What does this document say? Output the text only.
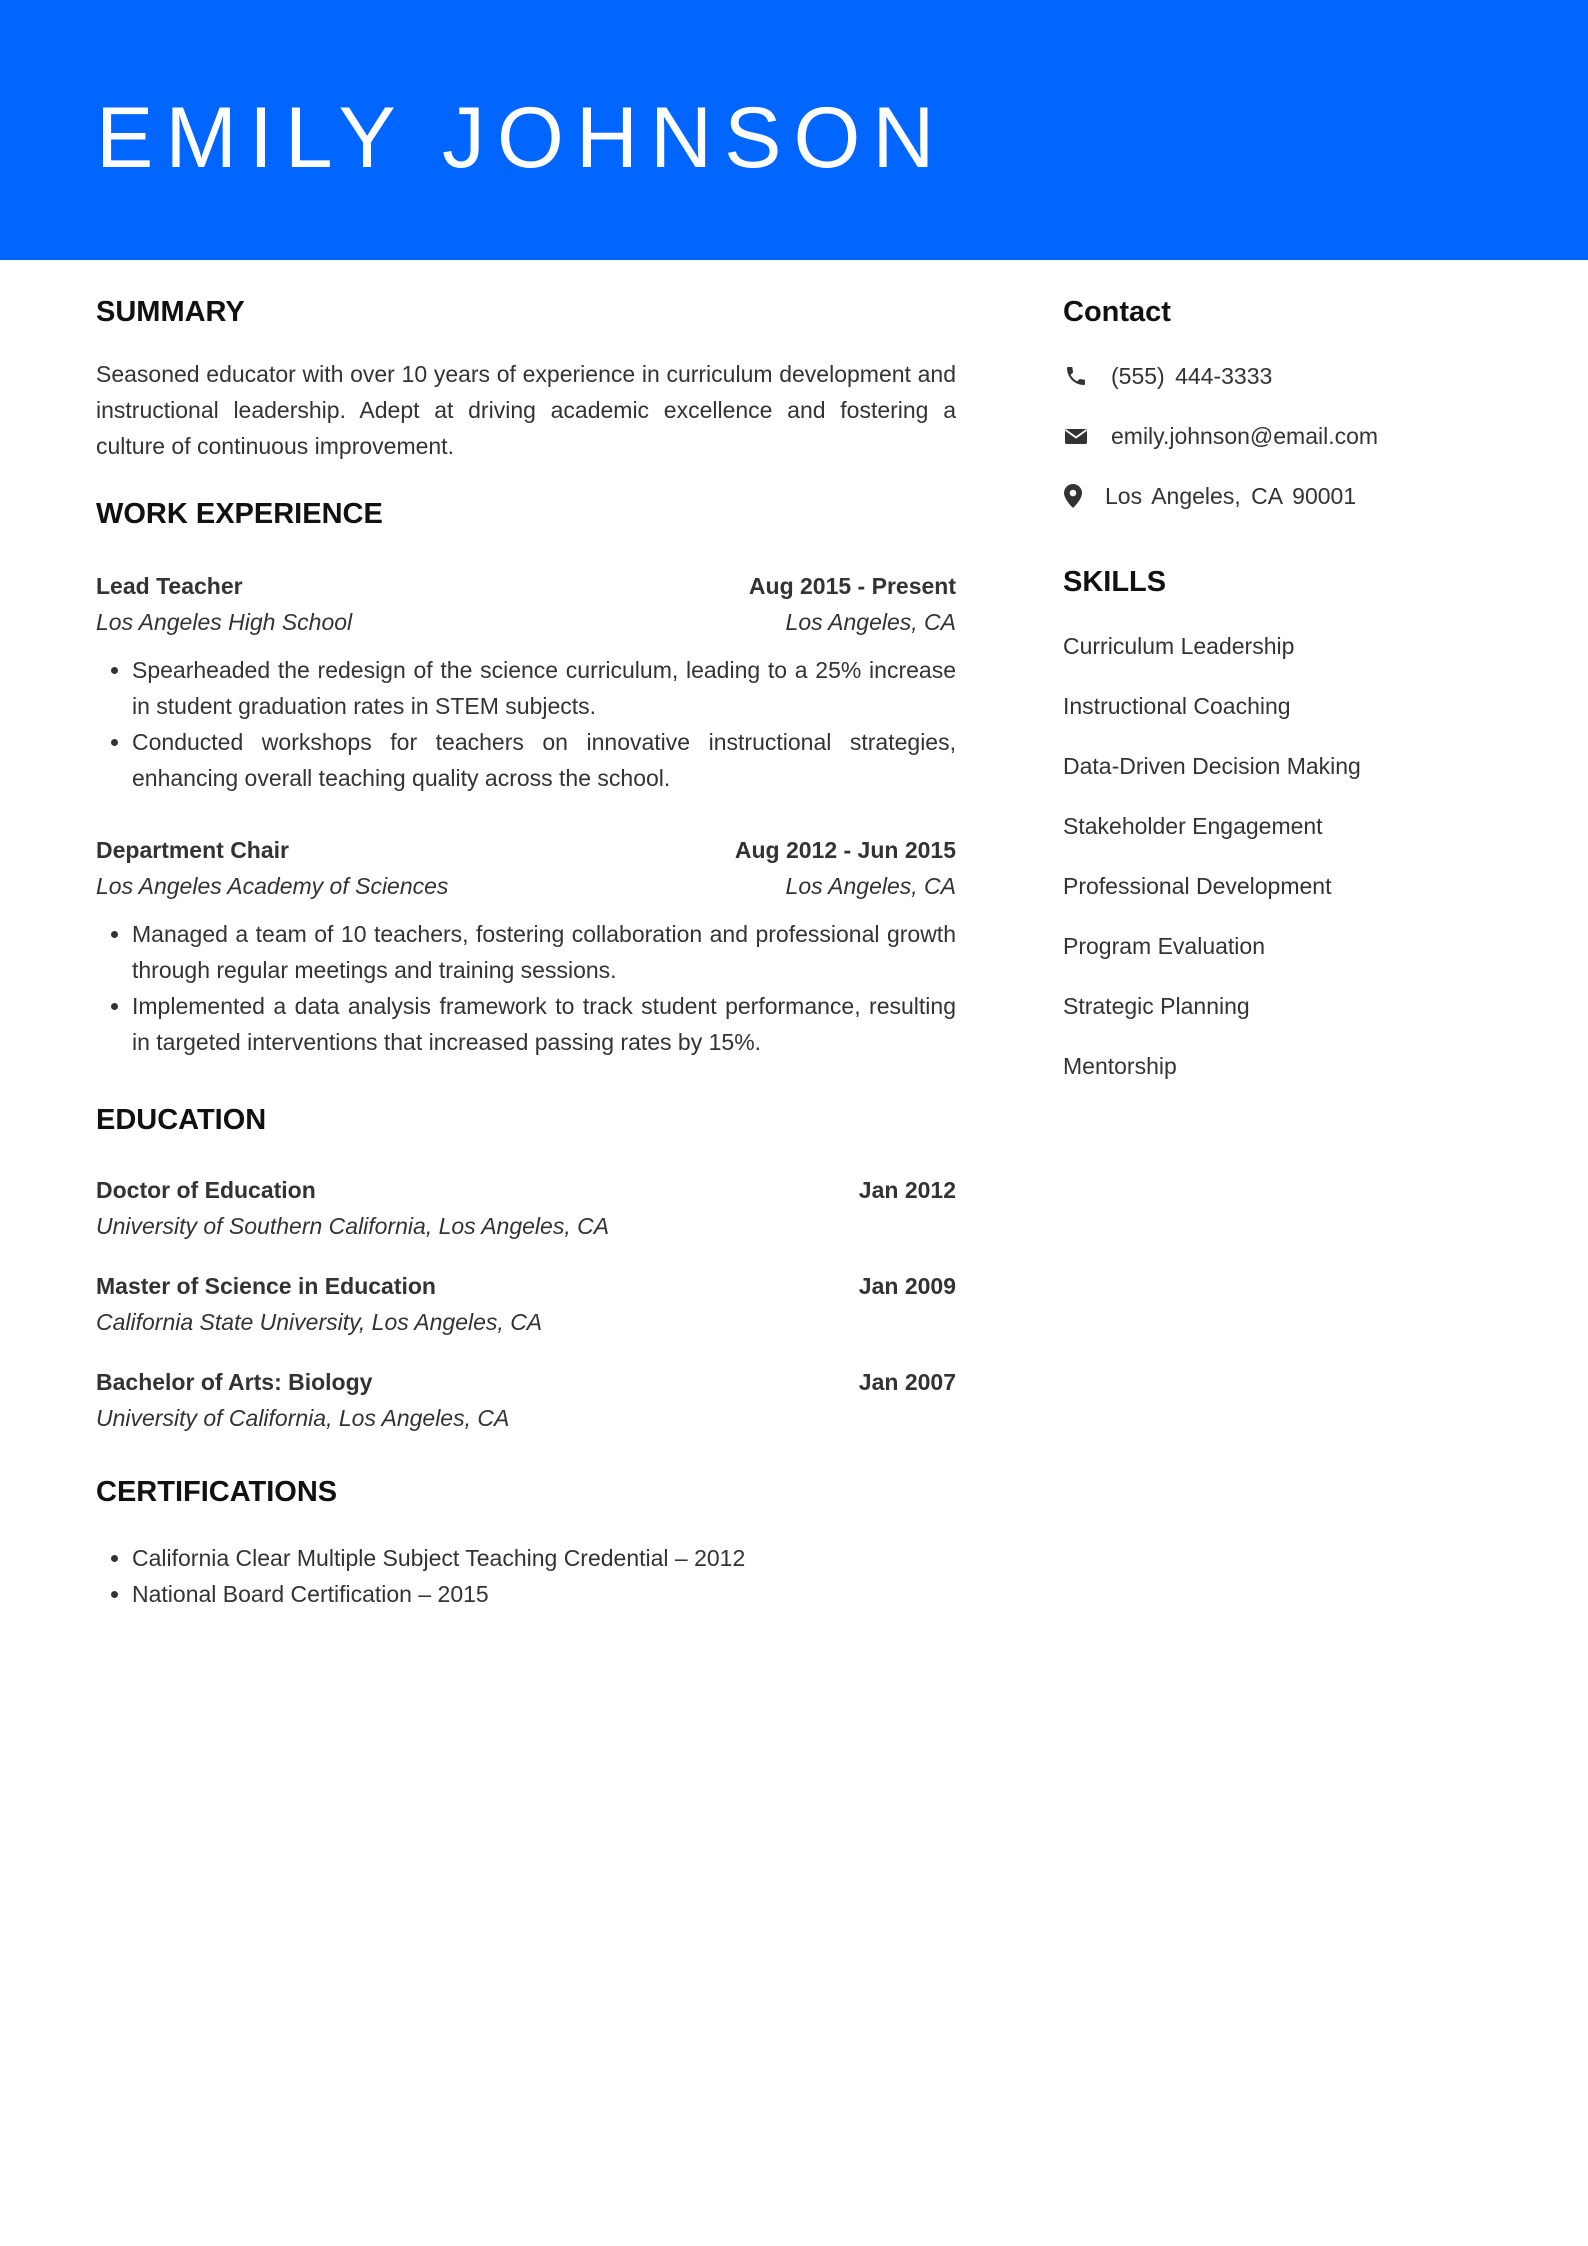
EMILY JOHNSON
SUMMARY

Seasoned educator with over 10 years of experience in curriculum development and instructional leadership. Adept at driving academic excellence and fostering a culture of continuous improvement.

WORK EXPERIENCE
Lead Teacher	Aug 2015 - Present
Los Angeles High School	Los Angeles, CA
• Spearheaded the redesign of the science curriculum, leading to a 25% increase in student graduation rates in STEM subjects.
• Conducted workshops for teachers on innovative instructional strategies, enhancing overall teaching quality across the school.
Department Chair	Aug 2012 - Jun 2015
Los Angeles Academy of Sciences	Los Angeles, CA
• Managed a team of 10 teachers, fostering collaboration and professional growth through regular meetings and training sessions.
• Implemented a data analysis framework to track student performance, resulting in targeted interventions that increased passing rates by 15%.
EDUCATION
Doctor of Education	Jan 2012
University of Southern California, Los Angeles, CA
Master of Science in Education	Jan 2009
California State University, Los Angeles, CA
Bachelor of Arts: Biology	Jan 2007
University of California, Los Angeles, CA
CERTIFICATIONS
• California Clear Multiple Subject Teaching Credential – 2012
• National Board Certification – 2015
Contact
(555) 444-3333
emily.johnson@email.com
Los Angeles, CA 90001
SKILLS
Curriculum Leadership
Instructional Coaching
Data-Driven Decision Making
Stakeholder Engagement
Professional Development
Program Evaluation
Strategic Planning
Mentorship
